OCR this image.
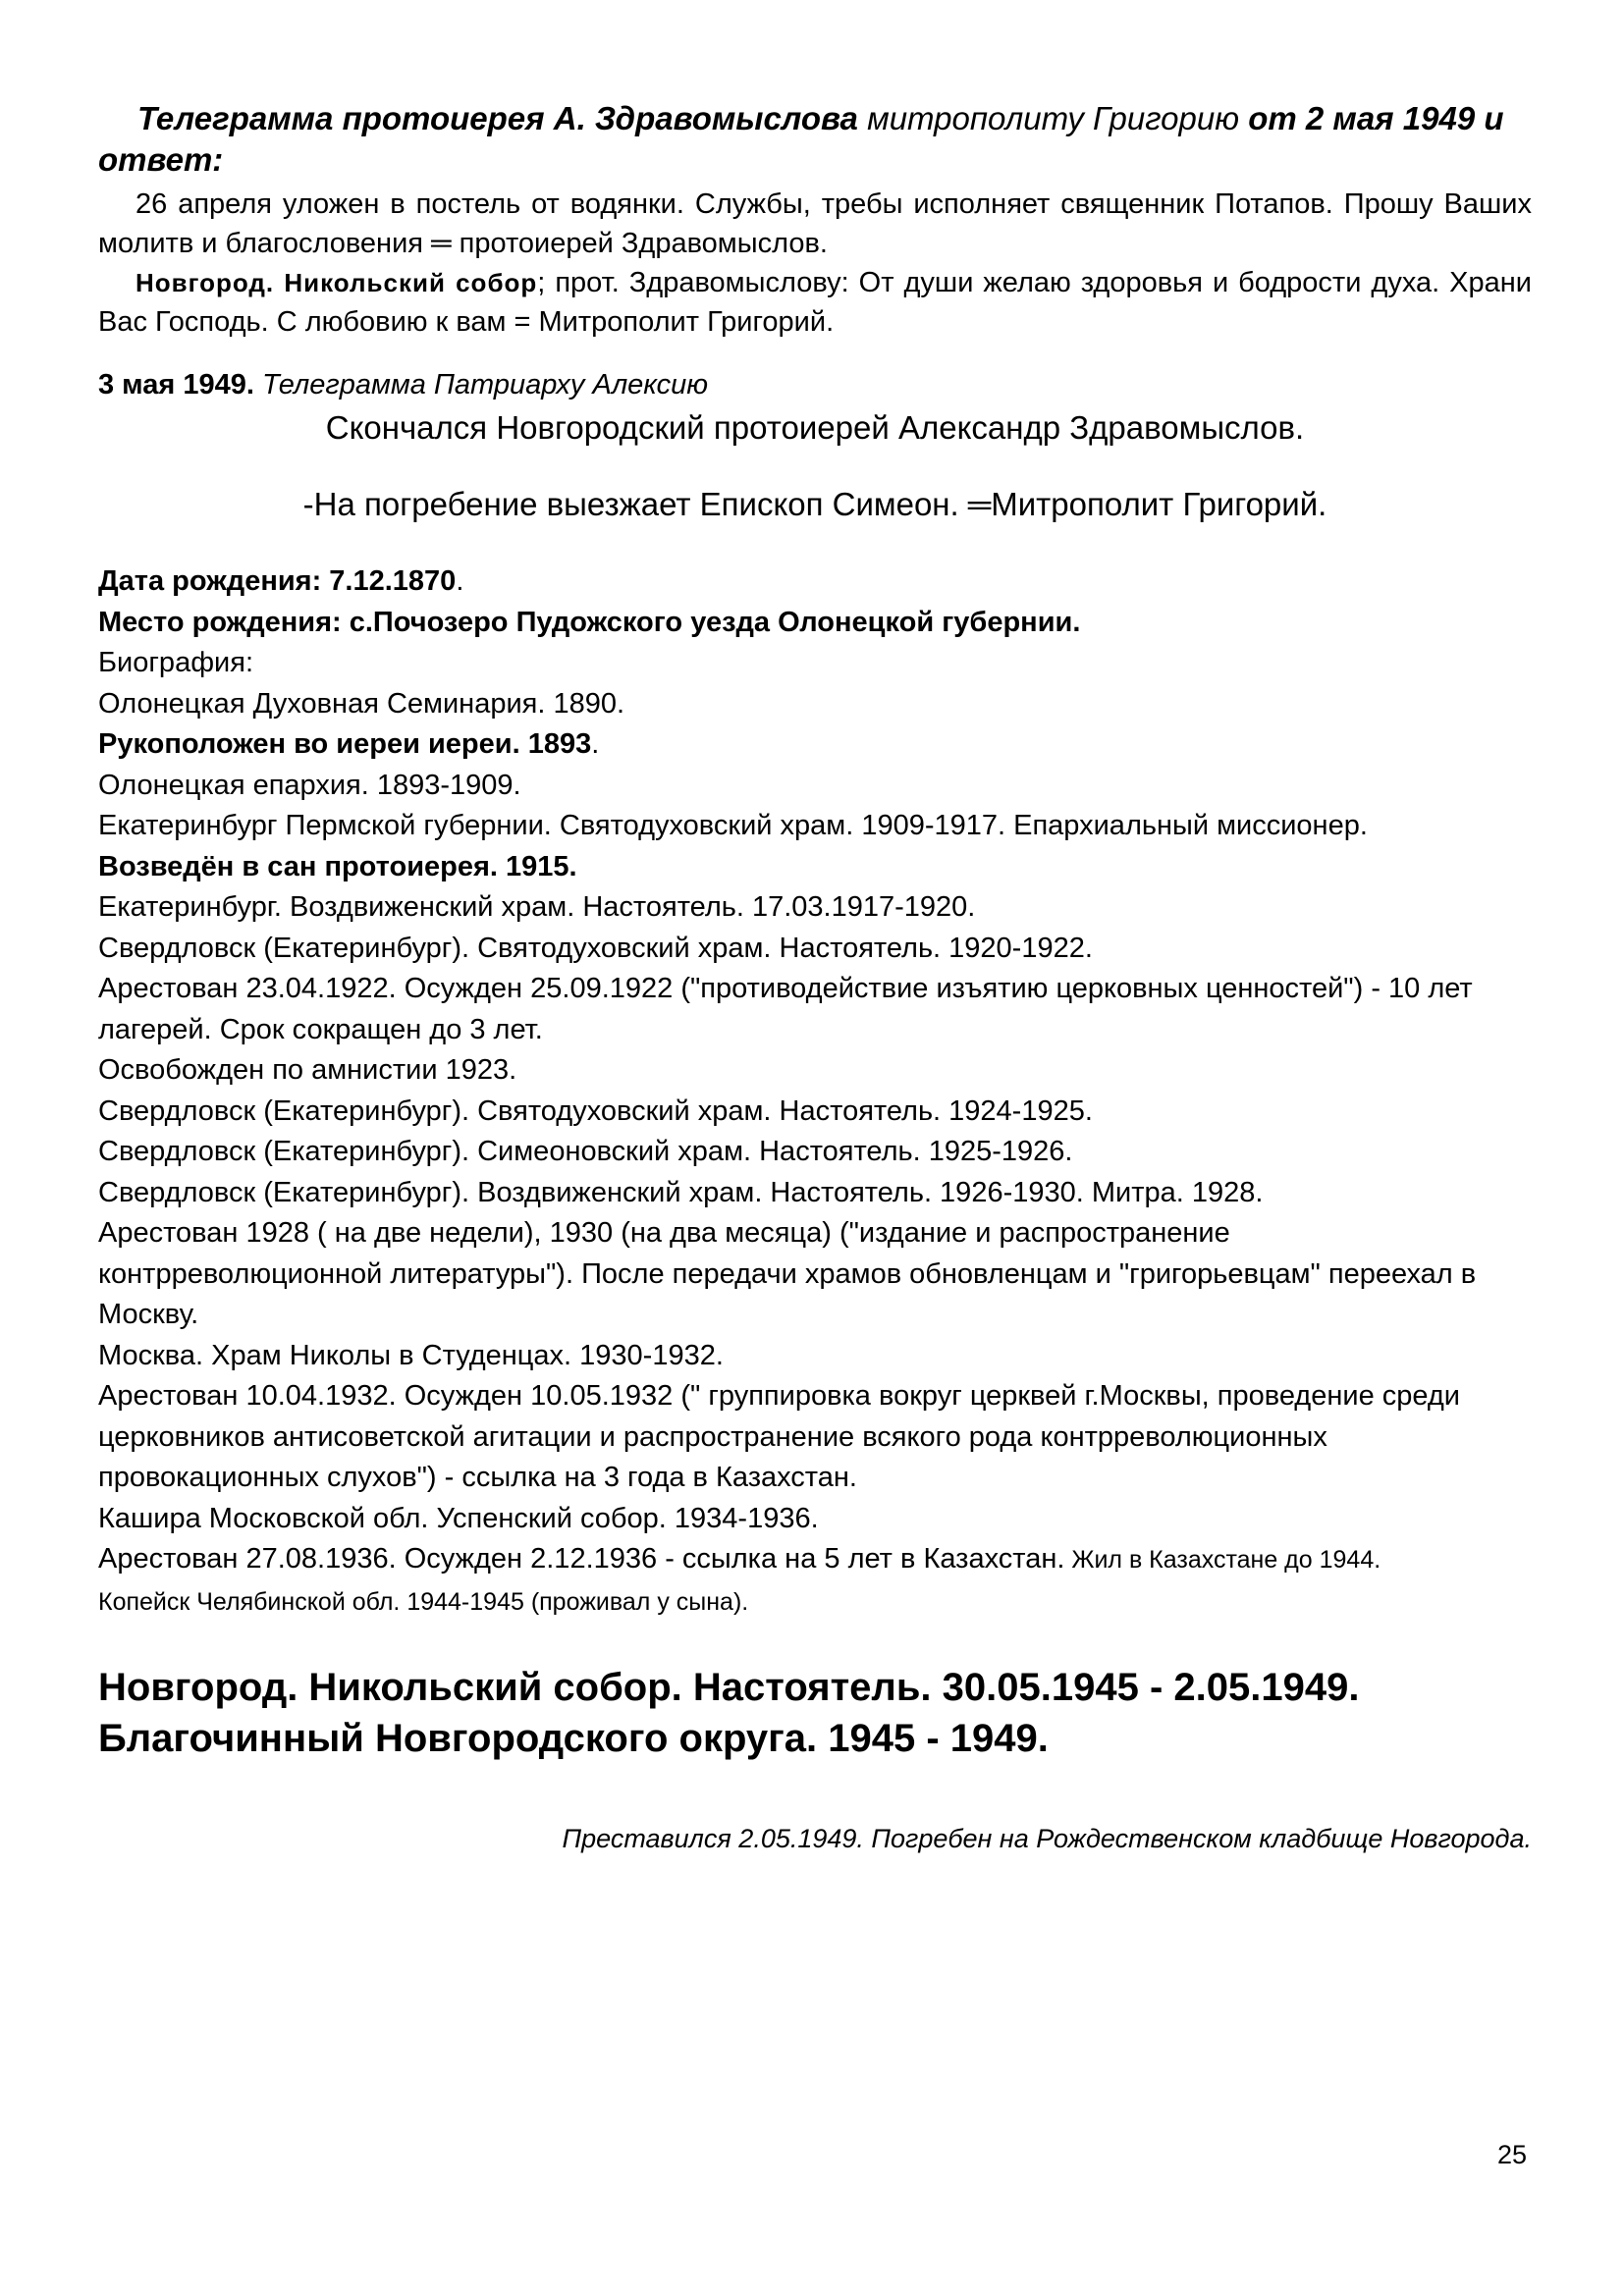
Телеграмма протоиерея А. Здравомыслова митрополиту Григорию от 2 мая 1949 и ответ:

26 апреля уложен в постель от водянки. Службы, требы исполняет священник Потапов. Прошу Ваших молитв и благословения ═ протоиерей Здравомыслов.

Новгород. Никольский собор; прот. Здравомыслову: От души желаю здоровья и бодрости духа. Храни Вас Господь. С любовию к вам = Митрополит Григорий.

3 мая 1949. Телеграмма Патриарху Алексию

Скончался Новгородский протоиерей Александр Здравомыслов.

-На погребение выезжает Епископ Симеон. ═Митрополит Григорий.

Дата рождения: 7.12.1870.

Место рождения: с.Почозеро Пудожского уезда Олонецкой губернии.

Биография:

Олонецкая Духовная Семинария. 1890.

Рукоположен во иереи иереи. 1893.

Олонецкая епархия. 1893-1909.

Екатеринбург Пермской губернии. Святодуховский храм. 1909-1917. Епархиальный миссионер.

Возведён в сан протоиерея. 1915.

Екатеринбург. Воздвиженский храм. Настоятель. 17.03.1917-1920.

Свердловск (Екатеринбург). Святодуховский храм. Настоятель. 1920-1922.

Арестован 23.04.1922. Осужден 25.09.1922 ("противодействие изъятию церковных ценностей") - 10 лет

лагерей. Срок сокращен до 3 лет.

Освобожден по амнистии 1923.

Свердловск (Екатеринбург). Святодуховский храм. Настоятель. 1924-1925.

Свердловск (Екатеринбург). Симеоновский храм. Настоятель. 1925-1926.

Свердловск (Екатеринбург). Воздвиженский храм. Настоятель. 1926-1930. Митра. 1928.

Арестован 1928 ( на две недели), 1930 (на два месяца) ("издание и распространение

контрреволюционной литературы"). После передачи храмов обновленцам и "григорьевцам" переехал в

Москву.

Москва. Храм Николы в Студенцах. 1930-1932.

Арестован 10.04.1932. Осужден 10.05.1932 (" группировка вокруг церквей г.Москвы, проведение среди

церковников антисоветской агитации и распространение всякого рода контрреволюционных

провокационных слухов") - ссылка на 3 года в Казахстан.

Кашира Московской обл. Успенский собор. 1934-1936.

Арестован 27.08.1936. Осужден 2.12.1936 - ссылка на 5 лет в Казахстан. Жил в Казахстане до 1944.

Копейск Челябинской обл. 1944-1945 (проживал у сына).

Новгород. Никольский собор. Настоятель. 30.05.1945 - 2.05.1949.

Благочинный Новгородского округа. 1945 - 1949.

Преставился 2.05.1949. Погребен на Рождественском кладбище Новгорода.

25
